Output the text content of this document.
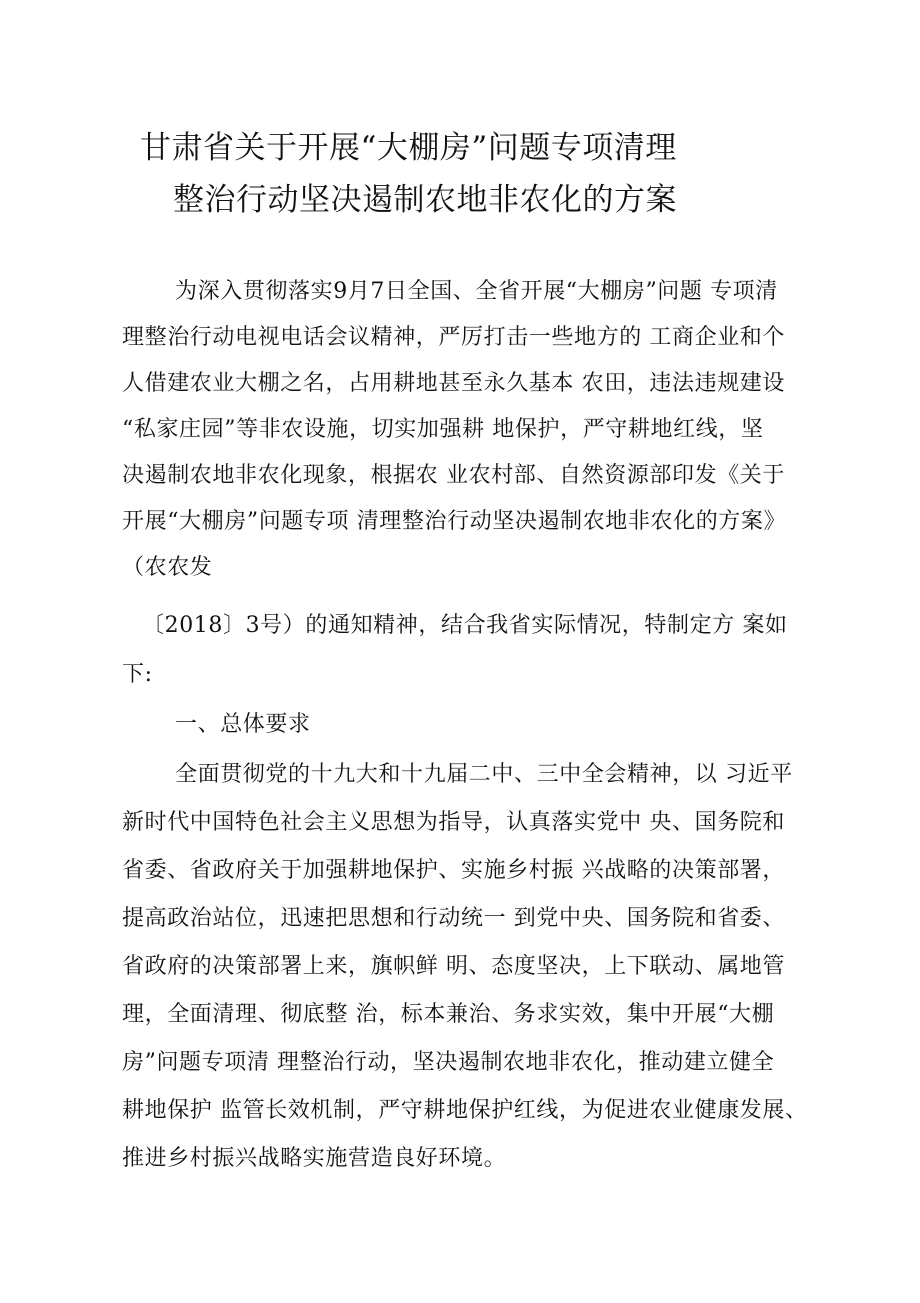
甘肃省关于开展“大棚房”问题专项清理
整治行动坚决遏制农地非农化的方案
为深入贯彻落实9月7日全国、全省开展“大棚房”问题 专项清
理整治行动电视电话会议精神，严厉打击一些地方的 工商企业和个
人借建农业大棚之名，占用耕地甚至永久基本 农田，违法违规建设
“私家庄园”等非农设施，切实加强耕 地保护，严守耕地红线，坚
决遏制农地非农化现象，根据农 业农村部、自然资源部印发《关于
开展“大棚房”问题专项 清理整治行动坚决遏制农地非农化的方案》
（农农发
〔2018〕3号）的通知精神，结合我省实际情况，特制定方 案如
下:
一、总体要求
全面贯彻党的十九大和十九届二中、三中全会精神，以 习近平
新时代中国特色社会主义思想为指导，认真落实党中 央、国务院和
省委、省政府关于加强耕地保护、实施乡村振 兴战略的决策部署，
提高政治站位，迅速把思想和行动统一 到党中央、国务院和省委、
省政府的决策部署上来，旗帜鲜 明、态度坚决，上下联动、属地管
理，全面清理、彻底整 治，标本兼治、务求实效，集中开展“大棚
房”问题专项清 理整治行动，坚决遏制农地非农化，推动建立健全
耕地保护 监管长效机制，严守耕地保护红线，为促进农业健康发展、
推进乡村振兴战略实施营造良好环境。
